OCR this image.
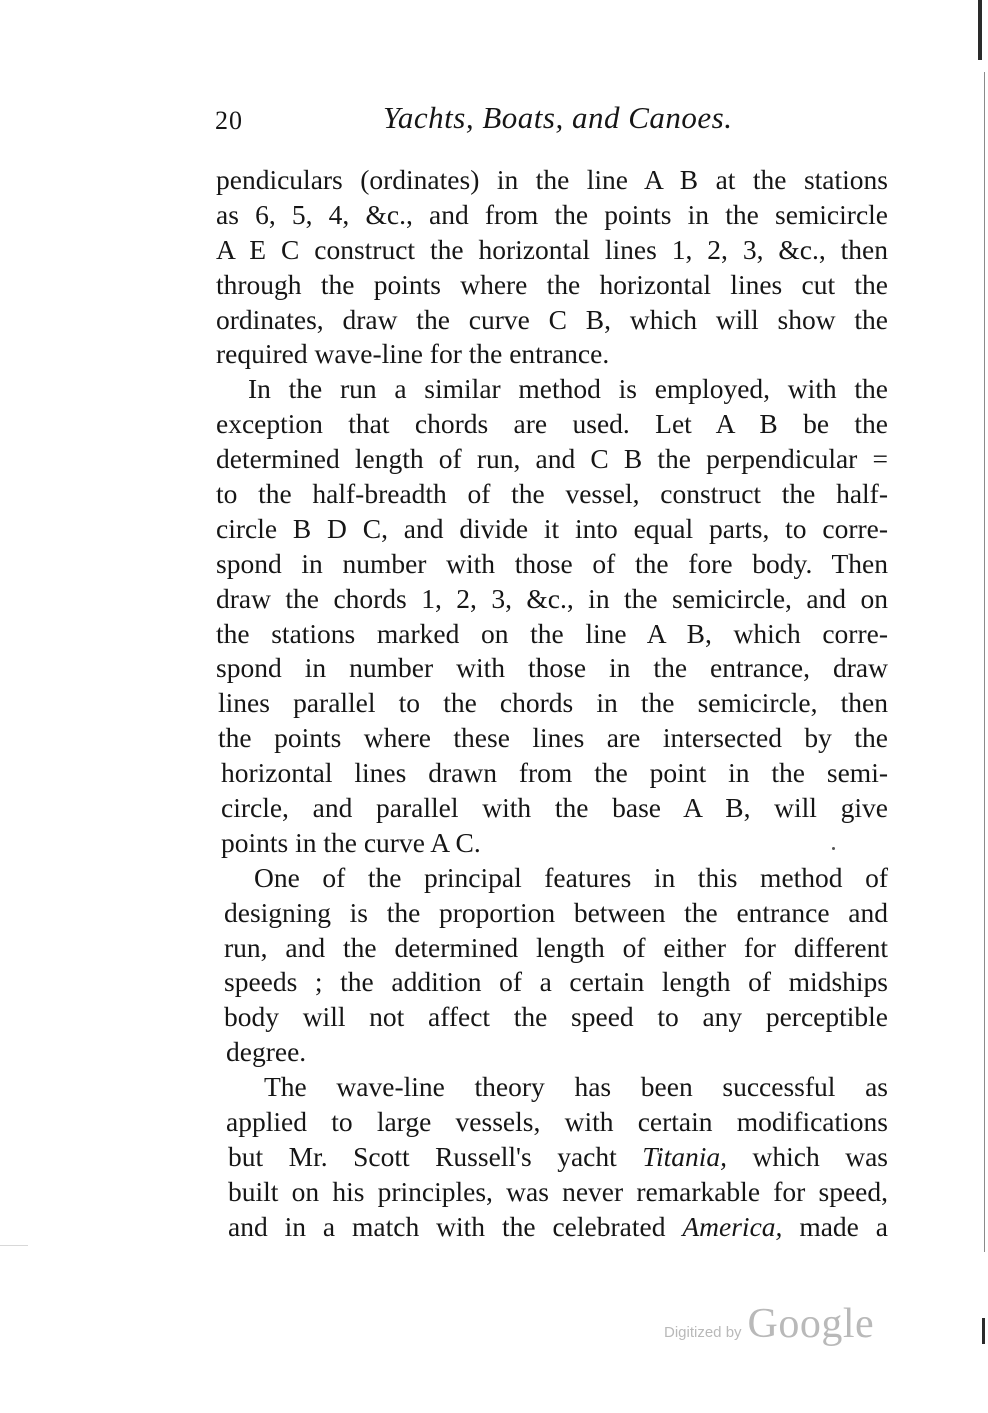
20	Yachts, Boats, and Canoes.
pendiculars (ordinates) in the line A B at the stations
as 6, 5, 4, &c., and from the points in the semicircle
A E C construct the horizontal lines 1, 2, 3, &c., then
through the points where the horizontal lines cut the
ordinates, draw the curve C B, which will show the
required wave-line for the entrance.
In the run a similar method is employed, with the
exception that chords are used. Let A B be the
determined length of run, and C B the perpendicular =
to the half-breadth of the vessel, construct the half-
circle B D C, and divide it into equal parts, to corre-
spond in number with those of the fore body. Then
draw the chords 1, 2, 3, &c., in the semicircle, and on
the stations marked on the line A B, which corre-
spond in number with those in the entrance, draw
lines parallel to the chords in the semicircle, then
the points where these lines are intersected by the
horizontal lines drawn from the point in the semi-
circle, and parallel with the base A B, will give
points in the curve A C.
One of the principal features in this method of
designing is the proportion between the entrance and
run, and the determined length of either for different
speeds ; the addition of a certain length of midships
body will not affect the speed to any perceptible
degree.
The wave-line theory has been successful as
applied to large vessels, with certain modifications
but Mr. Scott Russell's yacht Titania, which was
built on his principles, was never remarkable for speed,
and in a match with the celebrated America, made a
Digitized by Google
